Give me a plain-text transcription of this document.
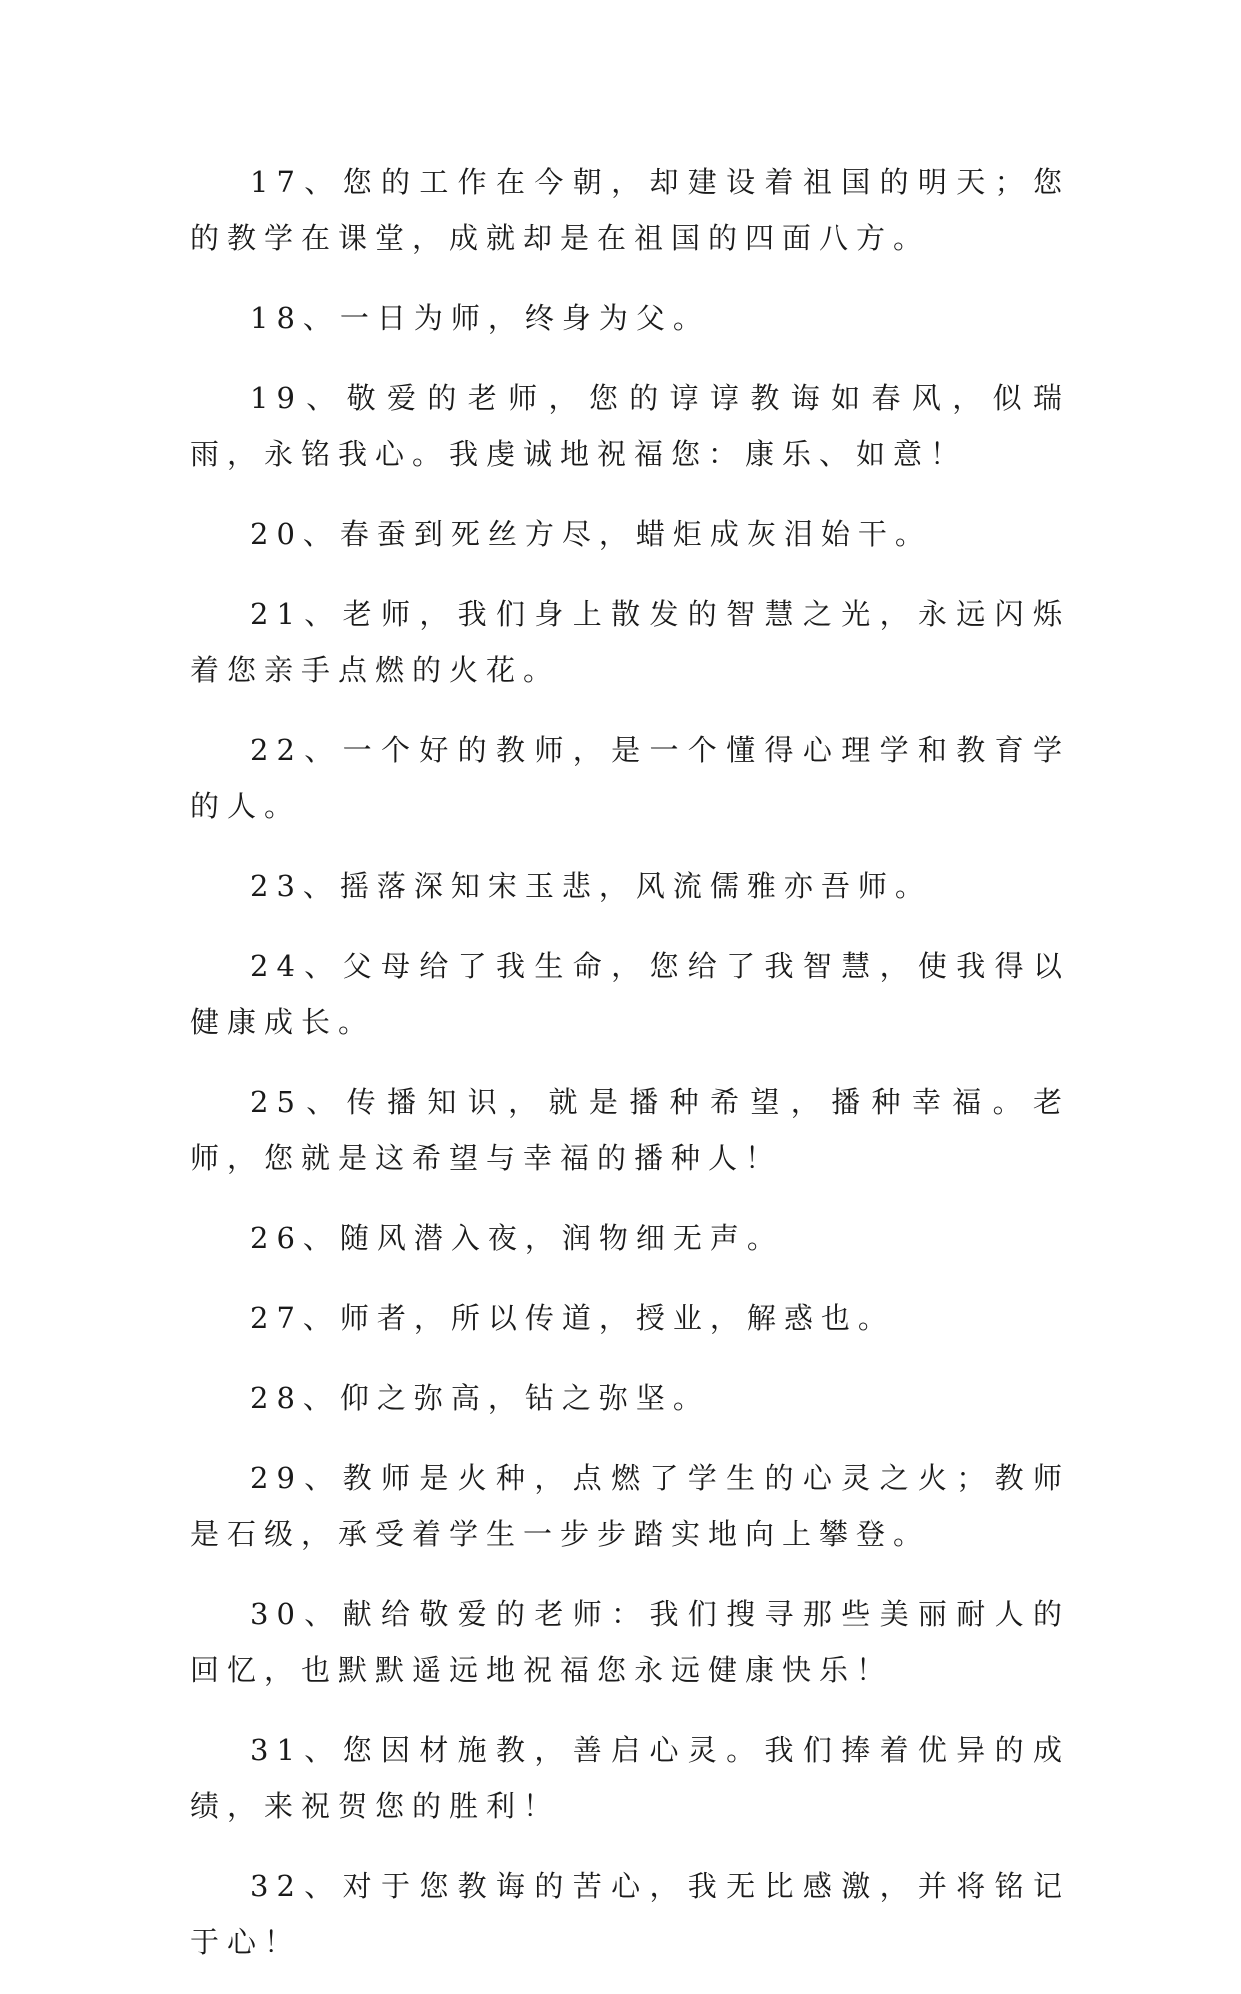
17、您的工作在今朝，却建设着祖国的明天；您的教学在课堂，成就却是在祖国的四面八方。

18、一日为师，终身为父。

19、敬爱的老师，您的谆谆教诲如春风，似瑞雨，永铭我心。我虔诚地祝福您：康乐、如意！

20、春蚕到死丝方尽，蜡炬成灰泪始干。

21、老师，我们身上散发的智慧之光，永远闪烁着您亲手点燃的火花。

22、一个好的教师，是一个懂得心理学和教育学的人。

23、摇落深知宋玉悲，风流儒雅亦吾师。

24、父母给了我生命，您给了我智慧，使我得以健康成长。

25、传播知识，就是播种希望，播种幸福。老师，您就是这希望与幸福的播种人！

26、随风潜入夜，润物细无声。

27、师者，所以传道，授业，解惑也。

28、仰之弥高，钻之弥坚。

29、教师是火种，点燃了学生的心灵之火；教师是石级，承受着学生一步步踏实地向上攀登。

30、献给敬爱的老师：我们搜寻那些美丽耐人的回忆，也默默遥远地祝福您永远健康快乐！

31、您因材施教，善启心灵。我们捧着优异的成绩，来祝贺您的胜利！

32、对于您教诲的苦心，我无比感激，并将铭记于心！
